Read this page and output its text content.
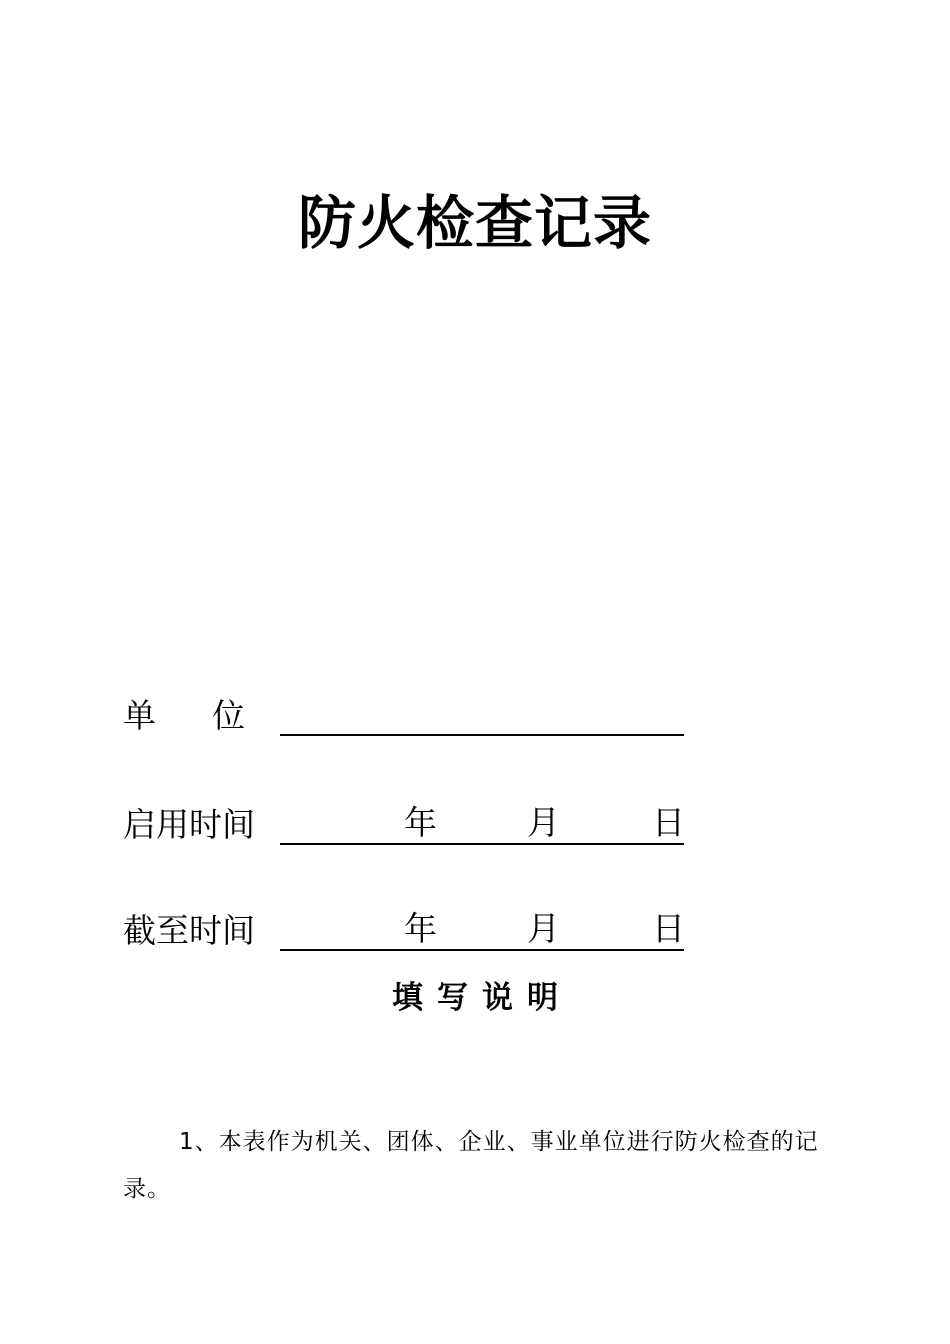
防火检查记录
单 位
启用时间	年	月	日
截至时间	年	月	日
填 写 说 明
1、本表作为机关、团体、企业、事业单位进行防火检查的记录。
